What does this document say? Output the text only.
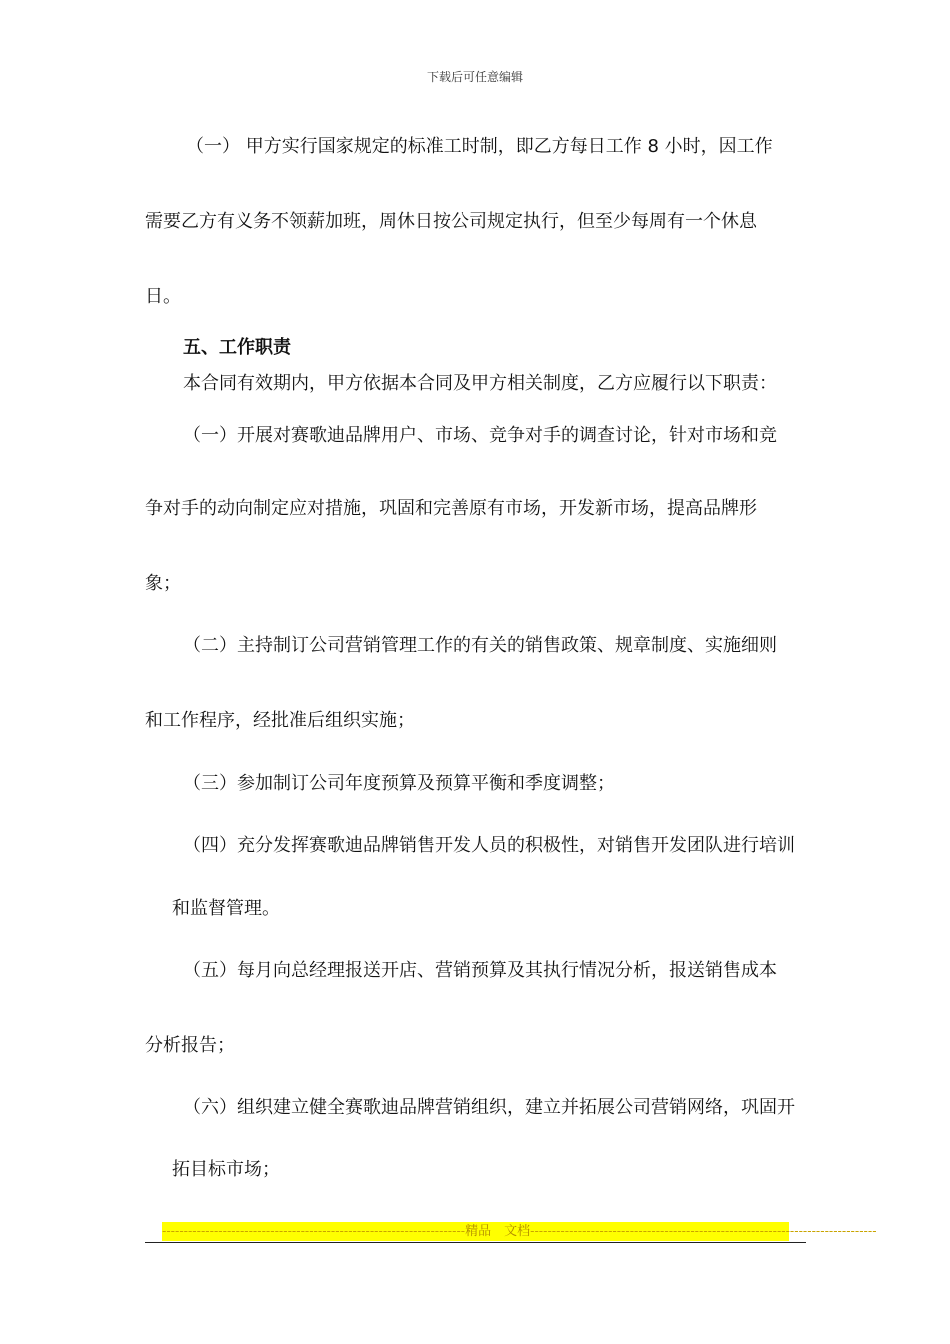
下载后可任意编辑
（一） 甲方实行国家规定的标准工时制，即乙方每日工作 8 小时，因工作
需要乙方有义务不领薪加班，周休日按公司规定执行，但至少每周有一个休息
日。
五、工作职责
本合同有效期内，甲方依据本合同及甲方相关制度，乙方应履行以下职责：
（一）开展对赛歌迪品牌用户、市场、竞争对手的调查讨论，针对市场和竞
争对手的动向制定应对措施，巩固和完善原有市场，开发新市场，提高品牌形
象；
（二）主持制订公司营销管理工作的有关的销售政策、规章制度、实施细则
和工作程序，经批准后组织实施；
（三）参加制订公司年度预算及预算平衡和季度调整；
（四）充分发挥赛歌迪品牌销售开发人员的积极性，对销售开发团队进行培训
和监督管理。
（五）每月向总经理报送开店、营销预算及其执行情况分析，报送销售成本
分析报告；
（六）组织建立健全赛歌迪品牌营销组织，建立并拓展公司营销网络，巩固开
拓目标市场；
----------------------------------------------------------------------精品　文档--------------------------------------------------------------------------------
